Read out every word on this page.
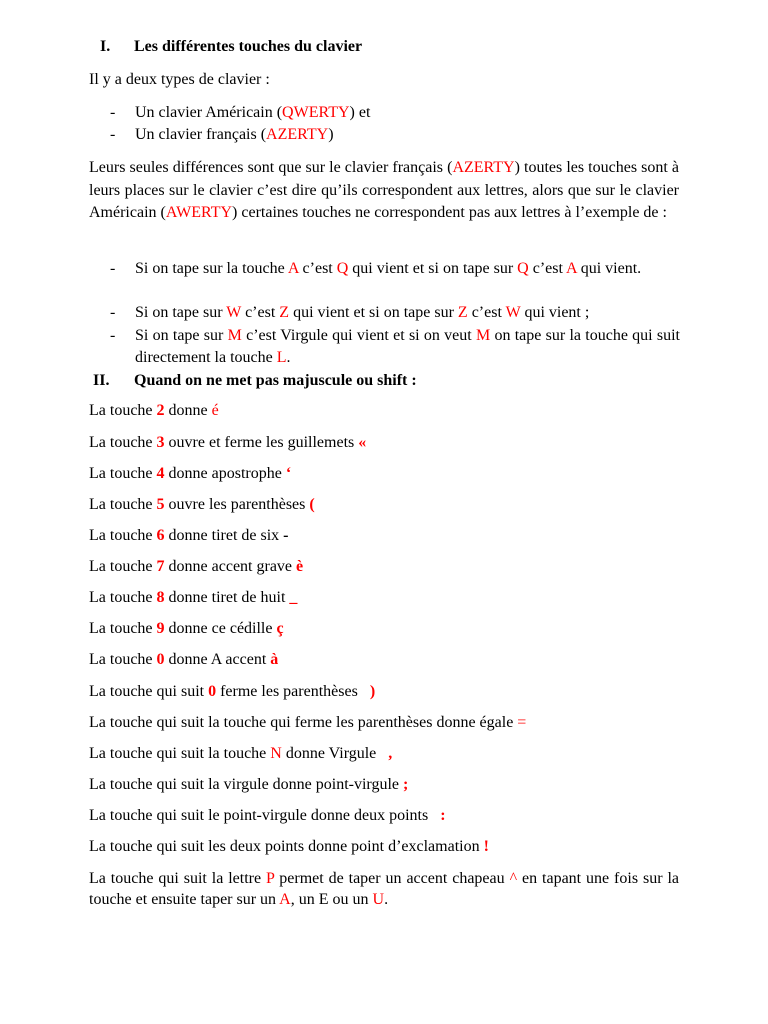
I. Les différentes touches du clavier
Il y a deux types de clavier :
- Un clavier Américain (QWERTY) et
- Un clavier français (AZERTY)
Leurs seules différences sont que sur le clavier français (AZERTY) toutes les touches sont à leurs places sur le clavier c’est dire qu’ils correspondent aux lettres, alors que sur le clavier Américain (AWERTY) certaines touches ne correspondent pas aux lettres à l’exemple de :
- Si on tape sur la touche A c’est Q qui vient et si on tape sur Q c’est A qui vient.
- Si on tape sur W c’est Z qui vient et si on tape sur Z c’est W qui vient ;
- Si on tape sur M c’est Virgule qui vient et si on veut M on tape sur la touche qui suit directement la touche L.
II. Quand on ne met pas majuscule ou shift :
La touche 2 donne é
La touche 3 ouvre et ferme les guillemets «
La touche 4 donne apostrophe ‘
La touche 5 ouvre les parenthèses (
La touche 6 donne tiret de six -
La touche 7 donne accent grave è
La touche 8 donne tiret de huit _
La touche 9 donne ce cédille ç
La touche 0 donne A accent à
La touche qui suit 0 ferme les parenthèses   )
La touche qui suit la touche qui ferme les parenthèses donne égale =
La touche qui suit la touche N donne Virgule   ,
La touche qui suit la virgule donne point-virgule ;
La touche qui suit le point-virgule donne deux points   :
La touche qui suit les deux points donne point d’exclamation !
La touche qui suit la lettre P permet de taper un accent chapeau ^ en tapant une fois sur la touche et ensuite taper sur un A, un E ou un U.
